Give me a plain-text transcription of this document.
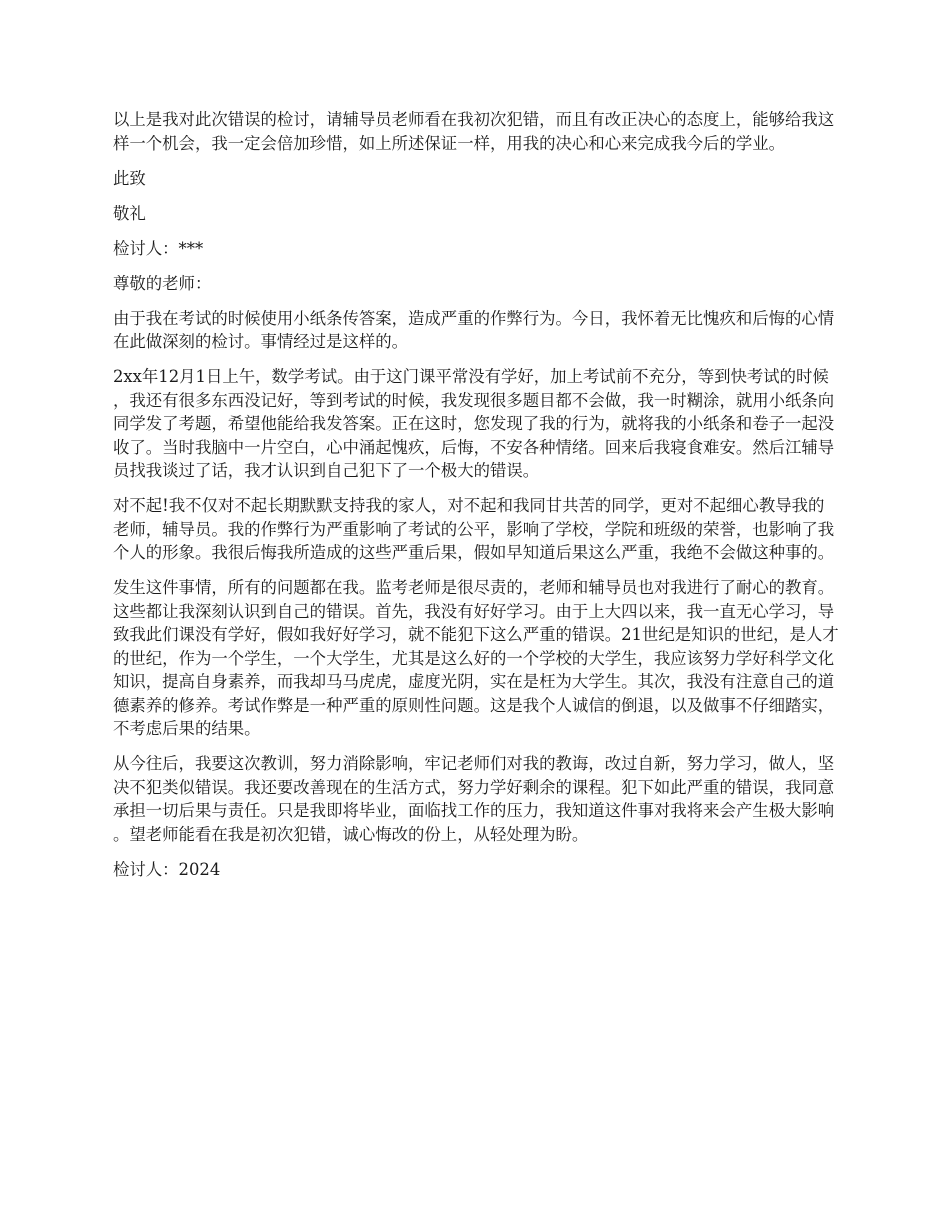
以上是我对此次错误的检讨，请辅导员老师看在我初次犯错，而且有改正决心的态度上，能够给我这样一个机会，我一定会倍加珍惜，如上所述保证一样，用我的决心和心来完成我今后的学业。

此致

敬礼

检讨人：***

尊敬的老师：

由于我在考试的时候使用小纸条传答案，造成严重的作弊行为。今日，我怀着无比愧疚和后悔的心情在此做深刻的检讨。事情经过是这样的。

2xx年12月1日上午，数学考试。由于这门课平常没有学好，加上考试前不充分，等到快考试的时候，我还有很多东西没记好，等到考试的时候，我发现很多题目都不会做，我一时糊涂，就用小纸条向同学发了考题，希望他能给我发答案。正在这时，您发现了我的行为，就将我的小纸条和卷子一起没收了。当时我脑中一片空白，心中涌起愧疚，后悔，不安各种情绪。回来后我寝食难安。然后江辅导员找我谈过了话，我才认识到自己犯下了一个极大的错误。

对不起!我不仅对不起长期默默支持我的家人，对不起和我同甘共苦的同学，更对不起细心教导我的老师，辅导员。我的作弊行为严重影响了考试的公平，影响了学校，学院和班级的荣誉，也影响了我个人的形象。我很后悔我所造成的这些严重后果，假如早知道后果这么严重，我绝不会做这种事的。

发生这件事情，所有的问题都在我。监考老师是很尽责的，老师和辅导员也对我进行了耐心的教育。这些都让我深刻认识到自己的错误。首先，我没有好好学习。由于上大四以来，我一直无心学习，导致我此们课没有学好，假如我好好学习，就不能犯下这么严重的错误。21世纪是知识的世纪，是人才的世纪，作为一个学生，一个大学生，尤其是这么好的一个学校的大学生，我应该努力学好科学文化知识，提高自身素养，而我却马马虎虎，虚度光阴，实在是枉为大学生。其次，我没有注意自己的道德素养的修养。考试作弊是一种严重的原则性问题。这是我个人诚信的倒退，以及做事不仔细踏实，不考虑后果的结果。

从今往后，我要这次教训，努力消除影响，牢记老师们对我的教诲，改过自新，努力学习，做人，坚决不犯类似错误。我还要改善现在的生活方式，努力学好剩余的课程。犯下如此严重的错误，我同意承担一切后果与责任。只是我即将毕业，面临找工作的压力，我知道这件事对我将来会产生极大影响。望老师能看在我是初次犯错，诚心悔改的份上，从轻处理为盼。

检讨人：2024
